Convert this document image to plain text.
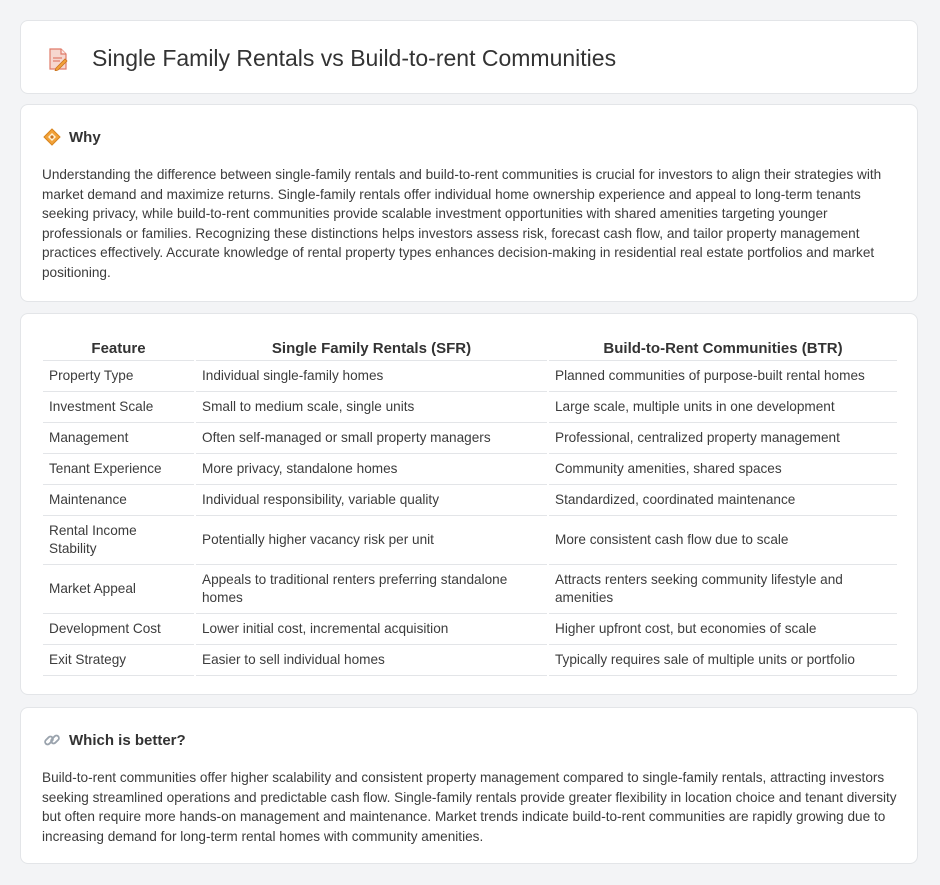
Single Family Rentals vs Build-to-rent Communities
Why

Understanding the difference between single-family rentals and build-to-rent communities is crucial for investors to align their strategies with market demand and maximize returns. Single-family rentals offer individual home ownership experience and appeal to long-term tenants seeking privacy, while build-to-rent communities provide scalable investment opportunities with shared amenities targeting younger professionals or families. Recognizing these distinctions helps investors assess risk, forecast cash flow, and tailor property management practices effectively. Accurate knowledge of rental property types enhances decision-making in residential real estate portfolios and market positioning.

Feature	Single Family Rentals (SFR)	Build-to-Rent Communities (BTR)
Property Type	Individual single-family homes	Planned communities of purpose-built rental homes
Investment Scale	Small to medium scale, single units	Large scale, multiple units in one development
Management	Often self-managed or small property managers	Professional, centralized property management
Tenant Experience	More privacy, standalone homes	Community amenities, shared spaces
Maintenance	Individual responsibility, variable quality	Standardized, coordinated maintenance
Rental Income Stability	Potentially higher vacancy risk per unit	More consistent cash flow due to scale
Market Appeal	Appeals to traditional renters preferring standalone homes	Attracts renters seeking community lifestyle and amenities
Development Cost	Lower initial cost, incremental acquisition	Higher upfront cost, but economies of scale
Exit Strategy	Easier to sell individual homes	Typically requires sale of multiple units or portfolio
Which is better?

Build-to-rent communities offer higher scalability and consistent property management compared to single-family rentals, attracting investors seeking streamlined operations and predictable cash flow. Single-family rentals provide greater flexibility in location choice and tenant diversity but often require more hands-on management and maintenance. Market trends indicate build-to-rent communities are rapidly growing due to increasing demand for long-term rental homes with community amenities.
